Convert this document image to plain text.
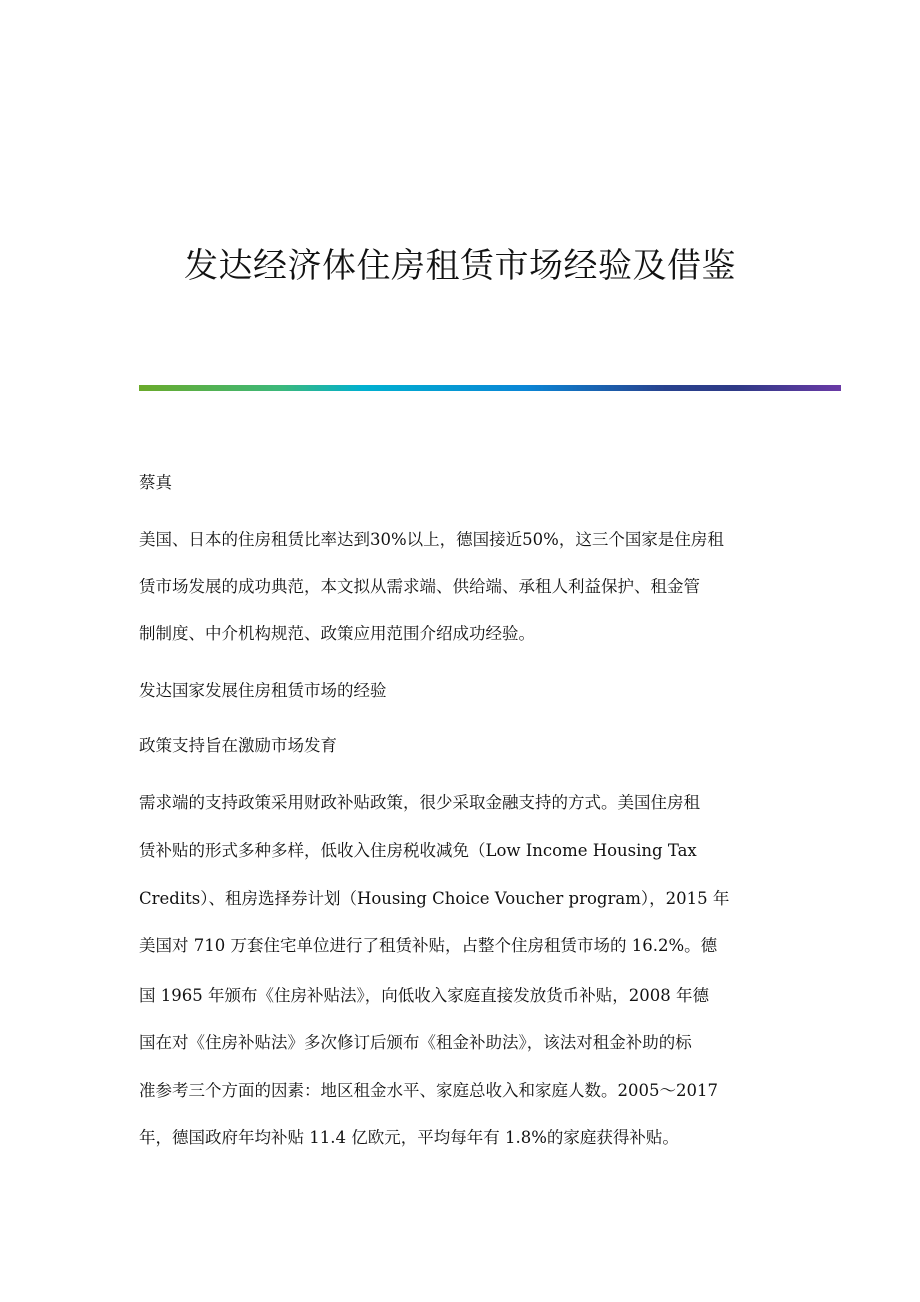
发达经济体住房租赁市场经验及借鉴
蔡真
美国、日本的住房租赁比率达到30%以上，德国接近50%，这三个国家是住房租
赁市场发展的成功典范，本文拟从需求端、供给端、承租人利益保护、租金管
制制度、中介机构规范、政策应用范围介绍成功经验。
发达国家发展住房租赁市场的经验
政策支持旨在激励市场发育
需求端的支持政策采用财政补贴政策，很少采取金融支持的方式。美国住房租
赁补贴的形式多种多样，低收入住房税收减免（Low Income Housing Tax
Credits）、租房选择券计划（Housing Choice Voucher program），2015 年
美国对 710 万套住宅单位进行了租赁补贴，占整个住房租赁市场的 16.2%。德
国 1965 年颁布《住房补贴法》，向低收入家庭直接发放货币补贴，2008 年德
国在对《住房补贴法》多次修订后颁布《租金补助法》，该法对租金补助的标
准参考三个方面的因素：地区租金水平、家庭总收入和家庭人数。2005～2017
年，德国政府年均补贴 11.4 亿欧元，平均每年有 1.8%的家庭获得补贴。
